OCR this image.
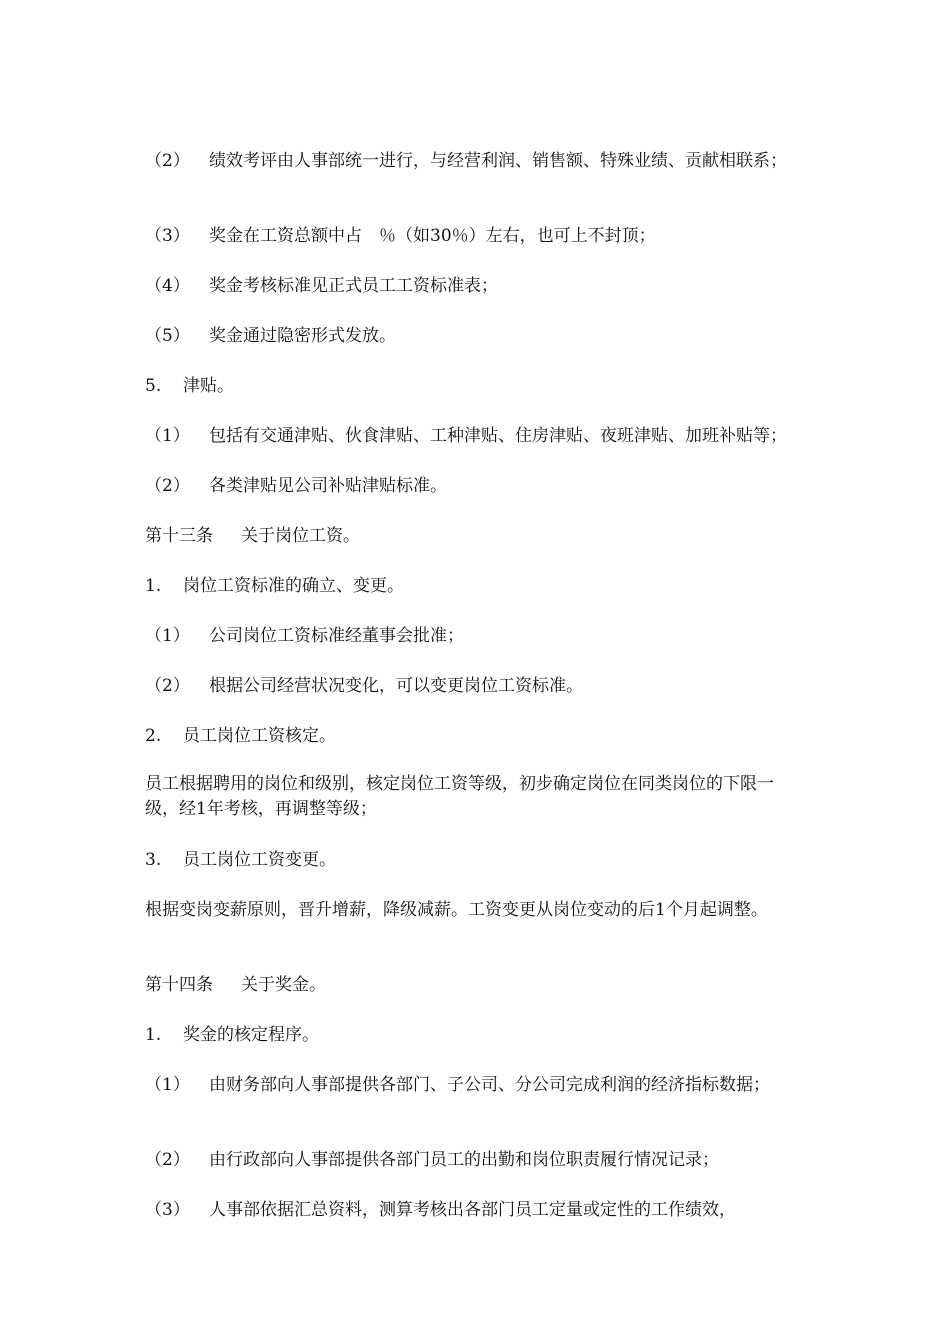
（2） 绩效考评由人事部统一进行，与经营利润、销售额、特殊业绩、贡献相联系；

（3） 奖金在工资总额中占　％（如30％）左右，也可上不封顶；

（4） 奖金考核标准见正式员工工资标准表；

（5） 奖金通过隐密形式发放。

5. 津贴。

（1） 包括有交通津贴、伙食津贴、工种津贴、住房津贴、夜班津贴、加班补贴等；

（2） 各类津贴见公司补贴津贴标准。

第十三条 关于岗位工资。

1. 岗位工资标准的确立、变更。

（1） 公司岗位工资标准经董事会批准；

（2） 根据公司经营状况变化，可以变更岗位工资标准。

2. 员工岗位工资核定。

员工根据聘用的岗位和级别，核定岗位工资等级，初步确定岗位在同类岗位的下限一级，经1年考核，再调整等级；

3. 员工岗位工资变更。

根据变岗变薪原则，晋升增薪，降级减薪。工资变更从岗位变动的后1个月起调整。

第十四条 关于奖金。

1. 奖金的核定程序。

（1） 由财务部向人事部提供各部门、子公司、分公司完成利润的经济指标数据；

（2） 由行政部向人事部提供各部门员工的出勤和岗位职责履行情况记录；

（3） 人事部依据汇总资料，测算考核出各部门员工定量或定性的工作绩效，
